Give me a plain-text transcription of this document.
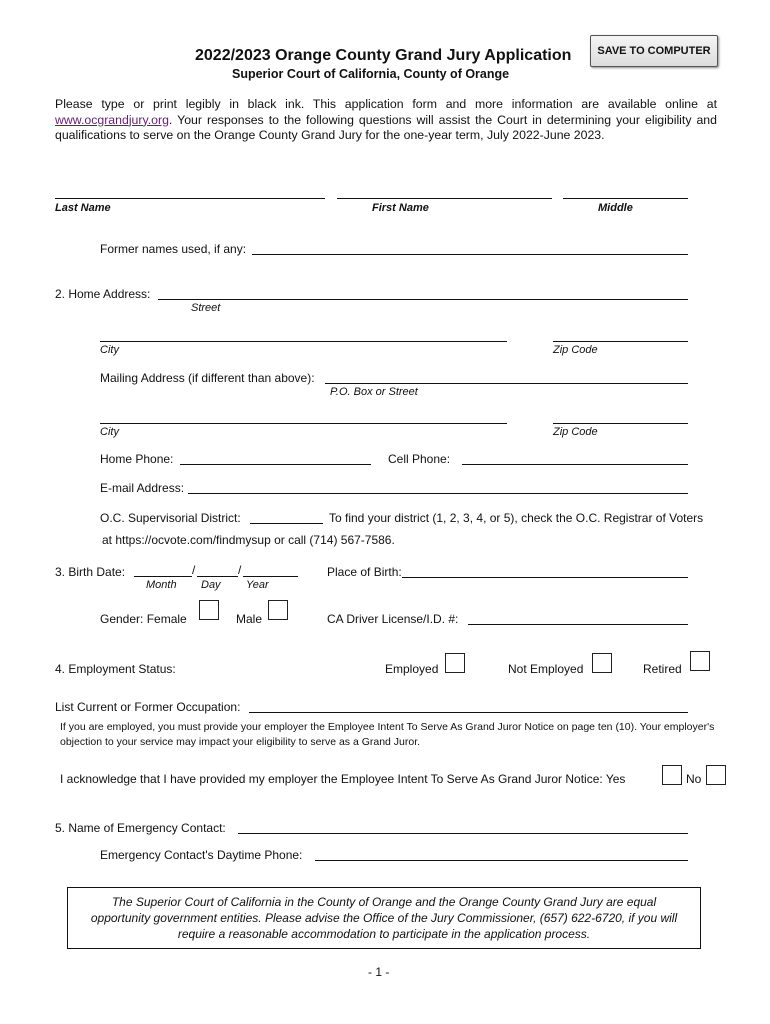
2022/2023 Orange County Grand Jury Application
Superior Court of California, County of Orange
SAVE TO COMPUTER
Please type or print legibly in black ink. This application form and more information are available online at www.ocgrandjury.org. Your responses to the following questions will assist the Court in determining your eligibility and qualifications to serve on the Orange County Grand Jury for the one-year term, July 2022-June 2023.
Last Name	First Name	Middle
Former names used, if any:
2. Home Address:
Street
City	Zip Code
Mailing Address (if different than above):
P.O. Box or Street
City	Zip Code
Home Phone:	Cell Phone:
E-mail Address:
O.C. Supervisorial District:	To find your district (1, 2, 3, 4, or 5), check the O.C. Registrar of Voters
at https://ocvote.com/findmysup or call (714) 567-7586.
3. Birth Date:	/	/
Month Day Year
Place of Birth:
Gender: Female	Male	CA Driver License/I.D. #:
4. Employment Status:	Employed	Not Employed	Retired
List Current or Former Occupation:
If you are employed, you must provide your employer the Employee Intent To Serve As Grand Juror Notice on page ten (10). Your employer's objection to your service may impact your eligibility to serve as a Grand Juror.
I acknowledge that I have provided my employer the Employee Intent To Serve As Grand Juror Notice: Yes	No
5. Name of Emergency Contact:
Emergency Contact's Daytime Phone:
The Superior Court of California in the County of Orange and the Orange County Grand Jury are equal opportunity government entities. Please advise the Office of the Jury Commissioner, (657) 622-6720, if you will require a reasonable accommodation to participate in the application process.
- 1 -
